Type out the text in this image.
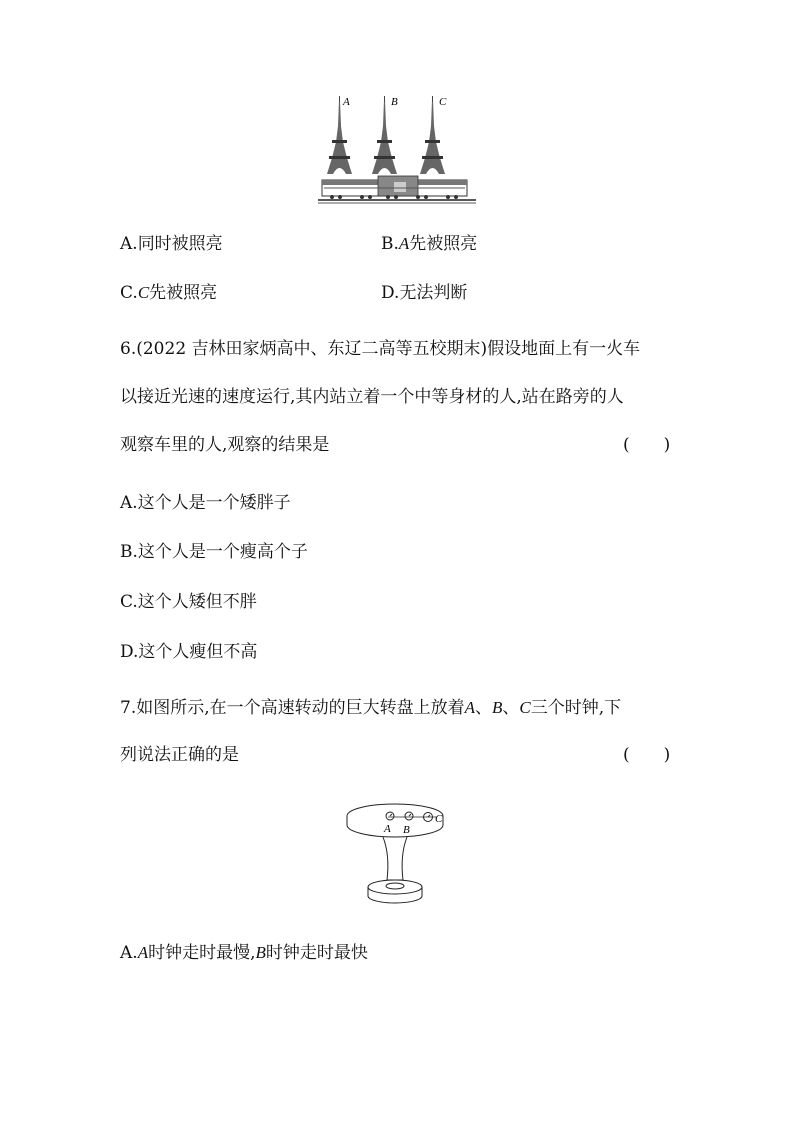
A	B	C
A.同时被照亮	B.A先被照亮
C.C先被照亮	D.无法判断
6.(2022 吉林田家炳高中、东辽二高等五校期末)假设地面上有一火车
以接近光速的速度运行,其内站立着一个中等身材的人,站在路旁的人
观察车里的人,观察的结果是	(　　)
A.这个人是一个矮胖子
B.这个人是一个瘦高个子
C.这个人矮但不胖
D.这个人瘦但不高
7.如图所示,在一个高速转动的巨大转盘上放着A、B、C三个时钟,下
列说法正确的是	(　　)
A B
C
A.A时钟走时最慢,B时钟走时最快
